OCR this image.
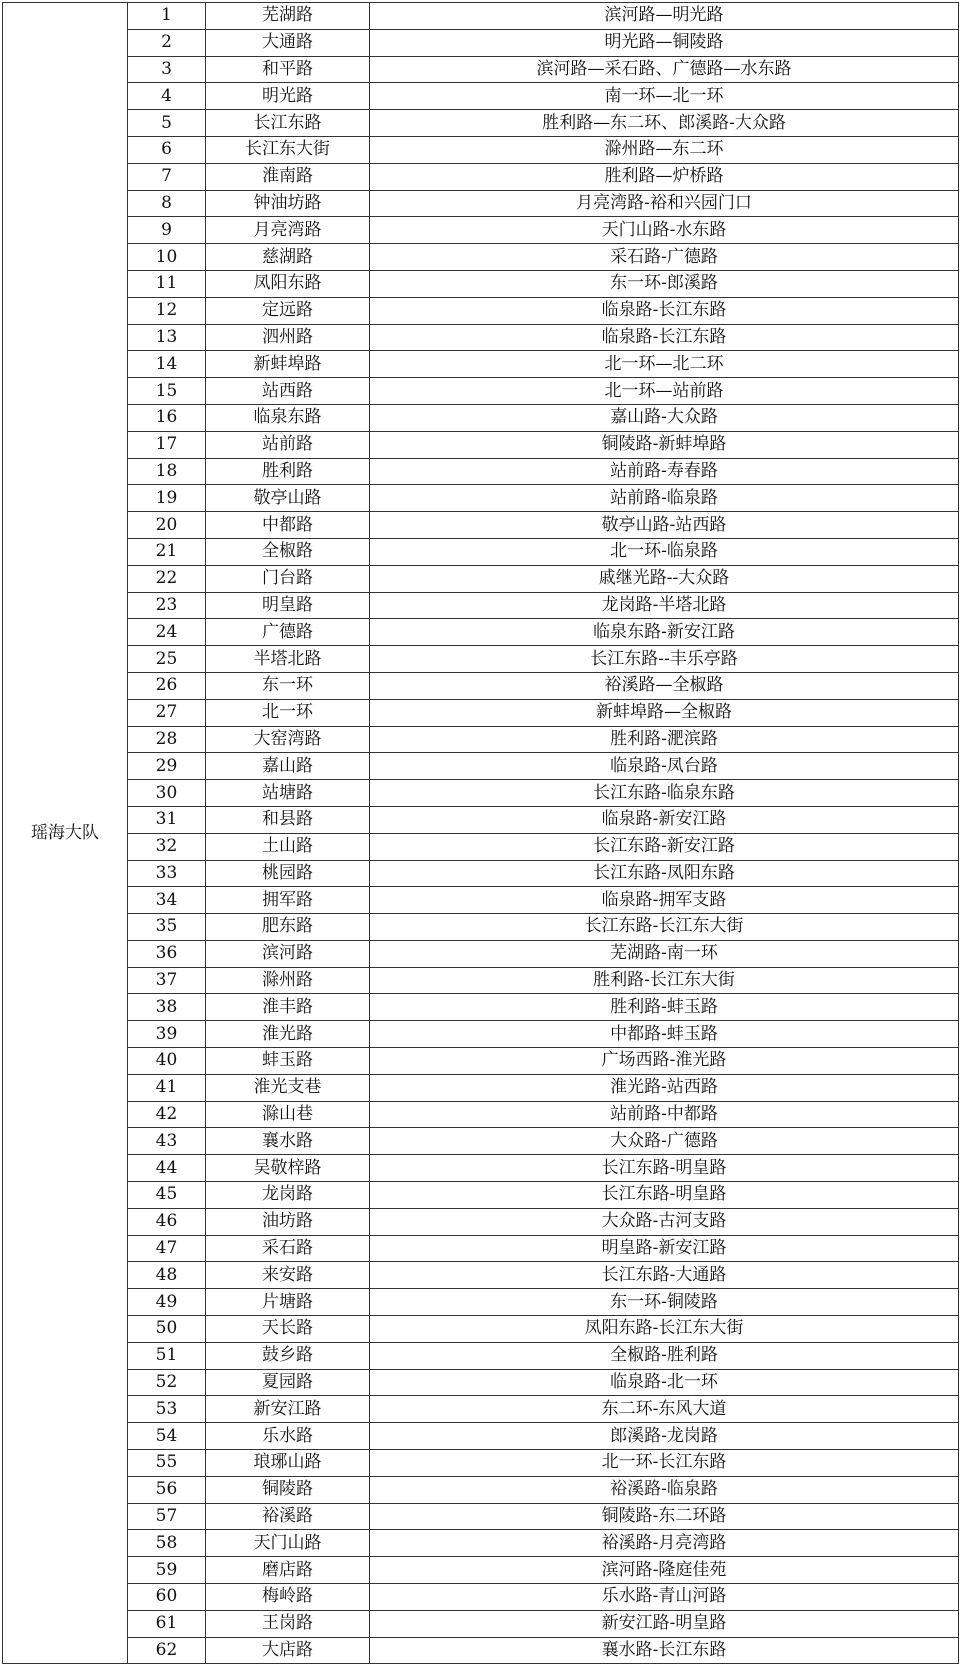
瑶海大队	1	芜湖路	滨河路—明光路
	2	大通路	明光路—铜陵路
	3	和平路	滨河路—采石路、广德路—水东路
	4	明光路	南一环—北一环
	5	长江东路	胜利路—东二环、郎溪路-大众路
	6	长江东大街	滁州路—东二环
	7	淮南路	胜利路—炉桥路
	8	钟油坊路	月亮湾路-裕和兴园门口
	9	月亮湾路	天门山路-水东路
	10	慈湖路	采石路-广德路
	11	凤阳东路	东一环-郎溪路
	12	定远路	临泉路-长江东路
	13	泗州路	临泉路-长江东路
	14	新蚌埠路	北一环—北二环
	15	站西路	北一环—站前路
	16	临泉东路	嘉山路-大众路
	17	站前路	铜陵路-新蚌埠路
	18	胜利路	站前路-寿春路
	19	敬亭山路	站前路-临泉路
	20	中都路	敬亭山路-站西路
	21	全椒路	北一环-临泉路
	22	门台路	戚继光路--大众路
	23	明皇路	龙岗路-半塔北路
	24	广德路	临泉东路-新安江路
	25	半塔北路	长江东路--丰乐亭路
	26	东一环	裕溪路—全椒路
	27	北一环	新蚌埠路—全椒路
	28	大窑湾路	胜利路-淝滨路
	29	嘉山路	临泉路-凤台路
	30	站塘路	长江东路-临泉东路
	31	和县路	临泉路-新安江路
	32	土山路	长江东路-新安江路
	33	桃园路	长江东路-凤阳东路
	34	拥军路	临泉路-拥军支路
	35	肥东路	长江东路-长江东大街
	36	滨河路	芜湖路-南一环
	37	滁州路	胜利路-长江东大街
	38	淮丰路	胜利路-蚌玉路
	39	淮光路	中都路-蚌玉路
	40	蚌玉路	广场西路-淮光路
	41	淮光支巷	淮光路-站西路
	42	滁山巷	站前路-中都路
	43	襄水路	大众路-广德路
	44	吴敬梓路	长江东路-明皇路
	45	龙岗路	长江东路-明皇路
	46	油坊路	大众路-古河支路
	47	采石路	明皇路-新安江路
	48	来安路	长江东路-大通路
	49	片塘路	东一环-铜陵路
	50	天长路	凤阳东路-长江东大街
	51	鼓乡路	全椒路-胜利路
	52	夏园路	临泉路-北一环
	53	新安江路	东二环-东风大道
	54	乐水路	郎溪路-龙岗路
	55	琅琊山路	北一环-长江东路
	56	铜陵路	裕溪路-临泉路
	57	裕溪路	铜陵路-东二环路
	58	天门山路	裕溪路-月亮湾路
	59	磨店路	滨河路-隆庭佳苑
	60	梅岭路	乐水路-青山河路
	61	王岗路	新安江路-明皇路
	62	大店路	襄水路-长江东路
